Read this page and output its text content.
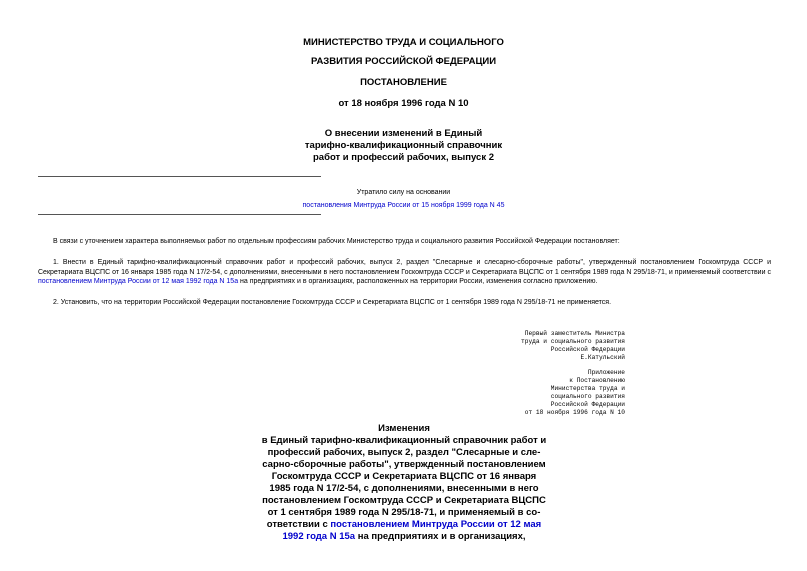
МИНИСТЕРСТВО ТРУДА И СОЦИАЛЬНОГО
РАЗВИТИЯ РОССИЙСКОЙ ФЕДЕРАЦИИ
ПОСТАНОВЛЕНИЕ
от 18 ноября 1996 года N 10
О внесении изменений в Единый
тарифно-квалификационный справочник
работ и профессий рабочих, выпуск 2
Утратило силу на основании
постановления Минтруда России от 15 ноября 1999 года N 45
В связи с уточнением характера выполняемых работ по отдельным профессиям рабочих Министерство труда и социального развития Российской Федерации постановляет:
1. Внести в Единый тарифно-квалификационный справочник работ и профессий рабочих, выпуск 2, раздел "Слесарные и слесарно-сборочные работы", утвержденный постановлением Госкомтруда СССР и Секретариата ВЦСПС от 16 января 1985 года N 17/2-54, с дополнениями, внесенными в него постановлением Госкомтруда СССР и Секретариата ВЦСПС от 1 сентября 1989 года N 295/18-71, и применяемый соответствии с постановлением Минтруда России от 12 мая 1992 года N 15а на предприятиях и в организациях, расположенных на территории России, изменения согласно приложению.
2. Установить, что на территории Российской Федерации постановление Госкомтруда СССР и Секретариата ВЦСПС от 1 сентября 1989 года N 295/18-71 не применяется.
Первый заместитель Министра
труда и социального развития
Российской Федерации
Е.Катульский
Приложение
к Постановлению
Министерства труда и
социального развития
Российской Федерации
от 18 ноября 1996 года N 10
Изменения
в Единый тарифно-квалификационный справочник работ и
профессий рабочих, выпуск 2, раздел "Слесарные и сле-
сарно-сборочные работы", утвержденный постановлением
Госкомтруда СССР и Секретариата ВЦСПС от 16 января
1985 года N 17/2-54, с дополнениями, внесенными в него
постановлением Госкомтруда СССР и Секретариата ВЦСПС
от 1 сентября 1989 года N 295/18-71, и применяемый в со-
ответствии с постановлением Минтруда России от 12 мая
1992 года N 15а на предприятиях и в организациях,
